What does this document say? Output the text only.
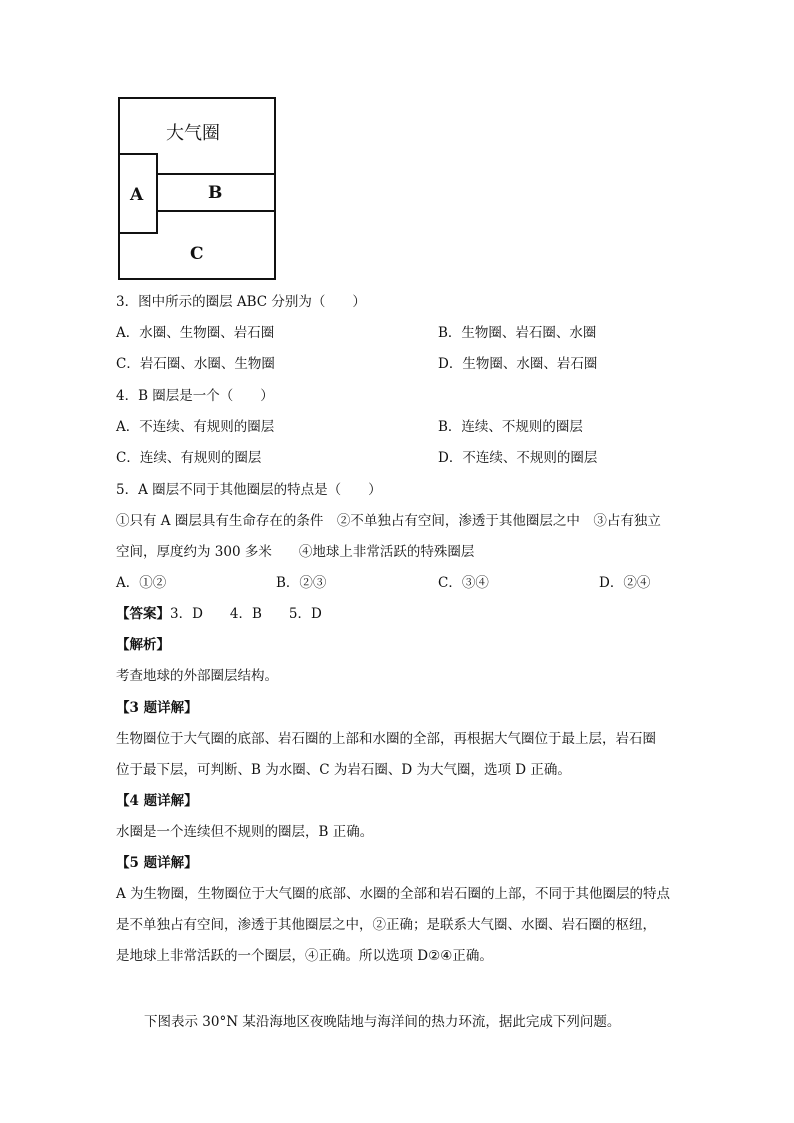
大气圈
A	B
C
3．图中所示的圈层 ABC 分别为（　　）
A．水圈、生物圈、岩石圈	B．生物圈、岩石圈、水圈
C．岩石圈、水圈、生物圈	D．生物圈、水圈、岩石圈
4．B 圈层是一个（　　）
A．不连续、有规则的圈层	B．连续、不规则的圈层
C．连续、有规则的圈层	D．不连续、不规则的圈层
5．A 圈层不同于其他圈层的特点是（　　）
①只有 A 圈层具有生命存在的条件　②不单独占有空间，渗透于其他圈层之中　③占有独立
空间，厚度约为 300 多米　　④地球上非常活跃的特殊圈层
A．①②	B．②③	C．③④	D．②④
【答案】3．D　　4．B　　5．D
【解析】
考查地球的外部圈层结构。
【3 题详解】
生物圈位于大气圈的底部、岩石圈的上部和水圈的全部，再根据大气圈位于最上层，岩石圈
位于最下层，可判断、B 为水圈、C 为岩石圈、D 为大气圈，选项 D 正确。
【4 题详解】
水圈是一个连续但不规则的圈层，B 正确。
【5 题详解】
A 为生物圈，生物圈位于大气圈的底部、水圈的全部和岩石圈的上部，不同于其他圈层的特点
是不单独占有空间，渗透于其他圈层之中，②正确；是联系大气圈、水圈、岩石圈的枢纽，
是地球上非常活跃的一个圈层，④正确。所以选项 D②④正确。
下图表示 30°N 某沿海地区夜晚陆地与海洋间的热力环流，据此完成下列问题。
